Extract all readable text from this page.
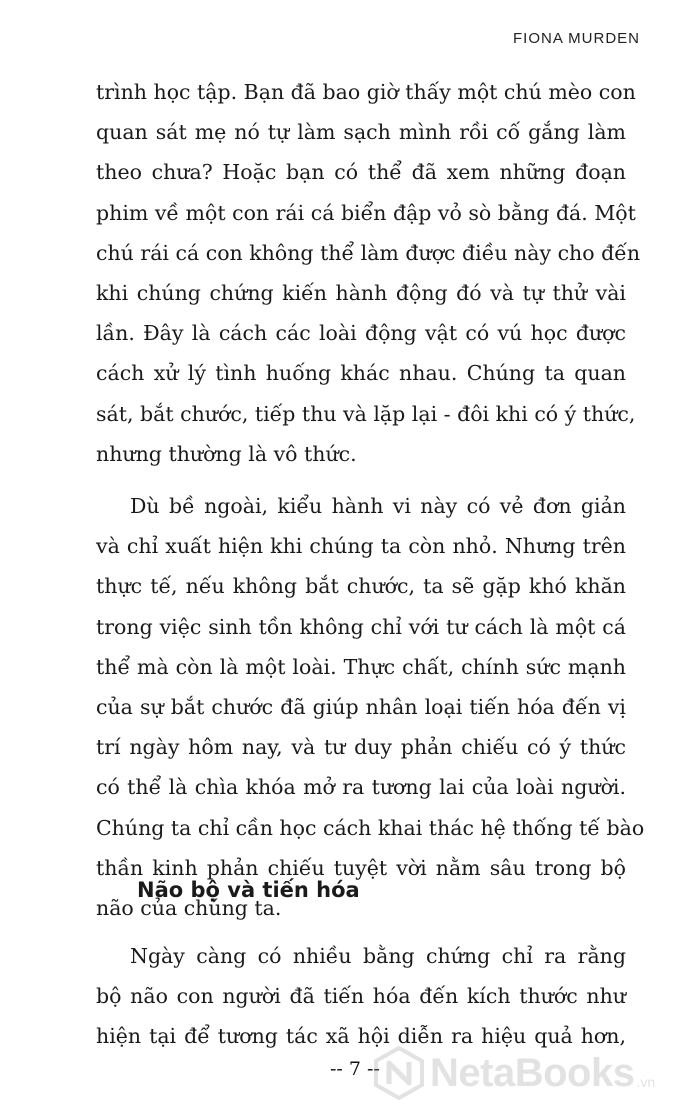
FIONA MURDEN
trình học tập. Bạn đã bao giờ thấy một chú mèo con
quan sát mẹ nó tự làm sạch mình rồi cố gắng làm
theo chưa? Hoặc bạn có thể đã xem những đoạn
phim về một con rái cá biển đập vỏ sò bằng đá. Một
chú rái cá con không thể làm được điều này cho đến
khi chúng chứng kiến hành động đó và tự thử vài
lần. Đây là cách các loài động vật có vú học được
cách xử lý tình huống khác nhau. Chúng ta quan
sát, bắt chước, tiếp thu và lặp lại - đôi khi có ý thức,
nhưng thường là vô thức.
Dù bề ngoài, kiểu hành vi này có vẻ đơn giản
và chỉ xuất hiện khi chúng ta còn nhỏ. Nhưng trên
thực tế, nếu không bắt chước, ta sẽ gặp khó khăn
trong việc sinh tồn không chỉ với tư cách là một cá
thể mà còn là một loài. Thực chất, chính sức mạnh
của sự bắt chước đã giúp nhân loại tiến hóa đến vị
trí ngày hôm nay, và tư duy phản chiếu có ý thức
có thể là chìa khóa mở ra tương lai của loài người.
Chúng ta chỉ cần học cách khai thác hệ thống tế bào
thần kinh phản chiếu tuyệt vời nằm sâu trong bộ
não của chúng ta.
Não bộ và tiến hóa
Ngày càng có nhiều bằng chứng chỉ ra rằng
bộ não con người đã tiến hóa đến kích thước như
hiện tại để tương tác xã hội diễn ra hiệu quả hơn,
-- 7 -- NetaBooks .vn
